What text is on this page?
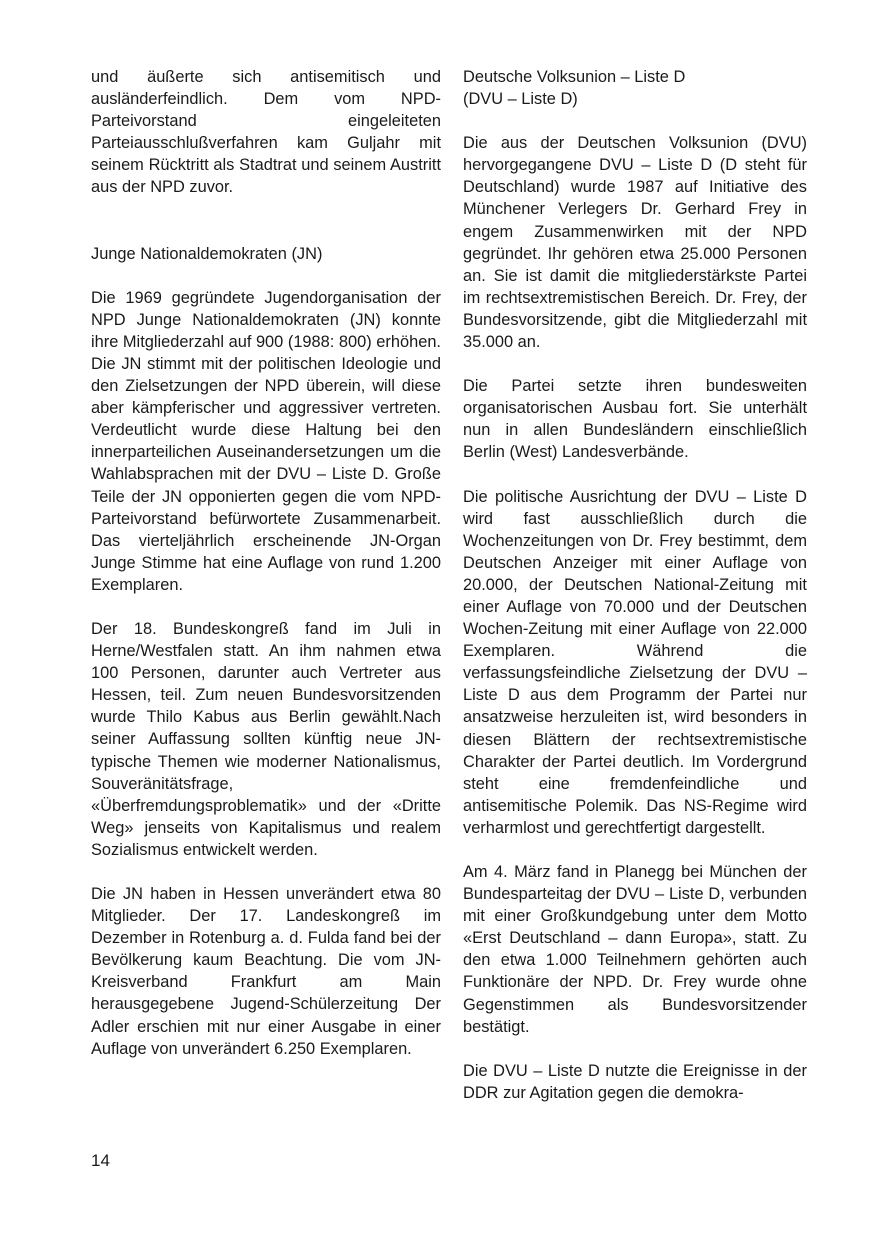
und äußerte sich antisemitisch und ausländerfeindlich. Dem vom NPD-Parteivorstand eingeleiteten Parteiausschlußverfahren kam Guljahr mit seinem Rücktritt als Stadtrat und seinem Austritt aus der NPD zuvor.

Junge Nationaldemokraten (JN)

Die 1969 gegründete Jugendorganisation der NPD Junge Nationaldemokraten (JN) konnte ihre Mitgliederzahl auf 900 (1988: 800) erhöhen. Die JN stimmt mit der politischen Ideologie und den Zielsetzungen der NPD überein, will diese aber kämpferischer und aggressiver vertreten. Verdeutlicht wurde diese Haltung bei den innerparteilichen Auseinandersetzungen um die Wahlabsprachen mit der DVU – Liste D. Große Teile der JN opponierten gegen die vom NPD-Parteivorstand befürwortete Zusammenarbeit. Das vierteljährlich erscheinende JN-Organ Junge Stimme hat eine Auflage von rund 1.200 Exemplaren.

Der 18. Bundeskongreß fand im Juli in Herne/Westfalen statt. An ihm nahmen etwa 100 Personen, darunter auch Vertreter aus Hessen, teil. Zum neuen Bundesvorsitzenden wurde Thilo Kabus aus Berlin gewählt.Nach seiner Auffassung sollten künftig neue JN-typische Themen wie moderner Nationalismus, Souveränitätsfrage, «Überfremdungsproblematik» und der «Dritte Weg» jenseits von Kapitalismus und realem Sozialismus entwickelt werden.

Die JN haben in Hessen unverändert etwa 80 Mitglieder. Der 17. Landeskongreß im Dezember in Rotenburg a. d. Fulda fand bei der Bevölkerung kaum Beachtung. Die vom JN-Kreisverband Frankfurt am Main herausgegebene Jugend-Schülerzeitung Der Adler erschien mit nur einer Ausgabe in einer Auflage von unverändert 6.250 Exemplaren.

Deutsche Volksunion – Liste D
(DVU – Liste D)

Die aus der Deutschen Volksunion (DVU) hervorgegangene DVU – Liste D (D steht für Deutschland) wurde 1987 auf Initiative des Münchener Verlegers Dr. Gerhard Frey in engem Zusammenwirken mit der NPD gegründet. Ihr gehören etwa 25.000 Personen an. Sie ist damit die mitgliederstärkste Partei im rechtsextremistischen Bereich. Dr. Frey, der Bundesvorsitzende, gibt die Mitgliederzahl mit 35.000 an.

Die Partei setzte ihren bundesweiten organisatorischen Ausbau fort. Sie unterhält nun in allen Bundesländern einschließlich Berlin (West) Landesverbände.

Die politische Ausrichtung der DVU – Liste D wird fast ausschließlich durch die Wochenzeitungen von Dr. Frey bestimmt, dem Deutschen Anzeiger mit einer Auflage von 20.000, der Deutschen National-Zeitung mit einer Auflage von 70.000 und der Deutschen Wochen-Zeitung mit einer Auflage von 22.000 Exemplaren. Während die verfassungsfeindliche Zielsetzung der DVU – Liste D aus dem Programm der Partei nur ansatzweise herzuleiten ist, wird besonders in diesen Blättern der rechtsextremistische Charakter der Partei deutlich. Im Vordergrund steht eine fremdenfeindliche und antisemitische Polemik. Das NS-Regime wird verharmlost und gerechtfertigt dargestellt.

Am 4. März fand in Planegg bei München der Bundesparteitag der DVU – Liste D, verbunden mit einer Großkundgebung unter dem Motto «Erst Deutschland – dann Europa», statt. Zu den etwa 1.000 Teilnehmern gehörten auch Funktionäre der NPD. Dr. Frey wurde ohne Gegenstimmen als Bundesvorsitzender bestätigt.

Die DVU – Liste D nutzte die Ereignisse in der DDR zur Agitation gegen die demokra-

14
